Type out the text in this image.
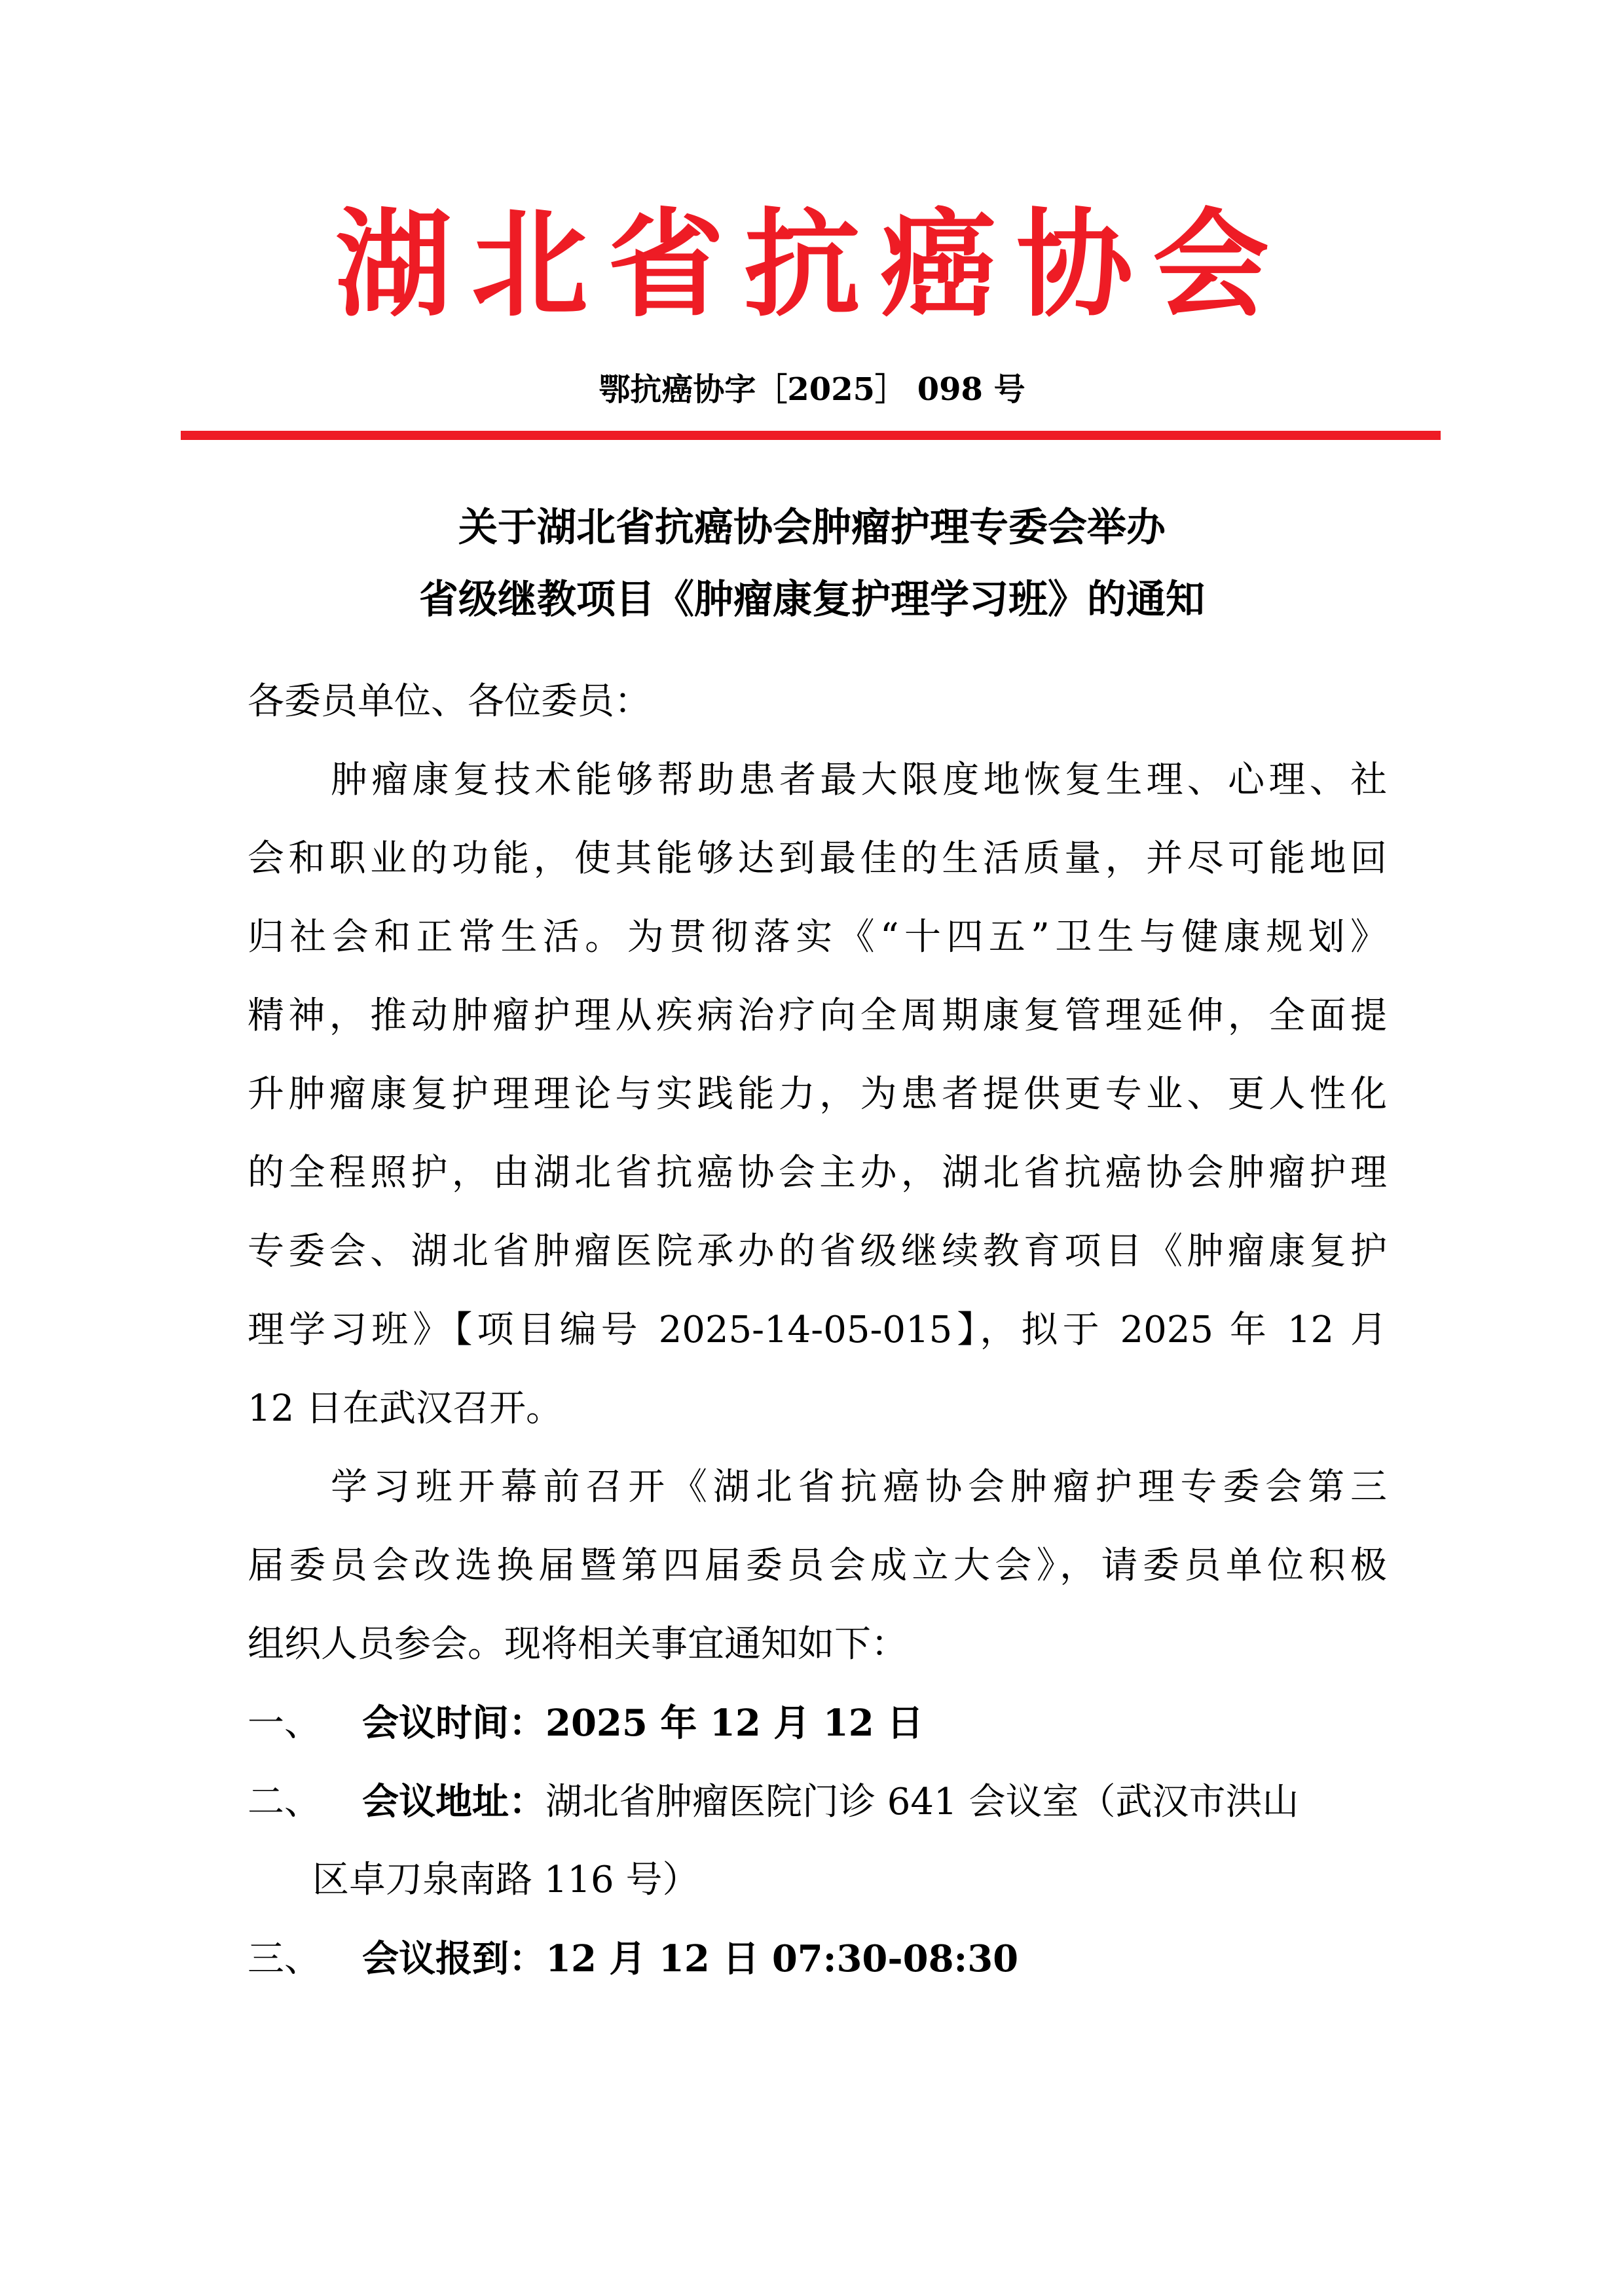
湖北省抗癌协会
鄂抗癌协字［2025］ 098 号
关于湖北省抗癌协会肿瘤护理专委会举办
省级继教项目《肿瘤康复护理学习班》的通知
各委员单位、各位委员：
肿瘤康复技术能够帮助患者最大限度地恢复生理、心理、社
会和职业的功能，使其能够达到最佳的生活质量，并尽可能地回
归社会和正常生活。为贯彻落实《“十四五”卫生与健康规划》
精神，推动肿瘤护理从疾病治疗向全周期康复管理延伸，全面提
升肿瘤康复护理理论与实践能力，为患者提供更专业、更人性化
的全程照护，由湖北省抗癌协会主办，湖北省抗癌协会肿瘤护理
专委会、湖北省肿瘤医院承办的省级继续教育项目《肿瘤康复护
理学习班》【项目编号 2025-14-05-015】，拟于 2025 年 12 月
12 日在武汉召开。
学习班开幕前召开《湖北省抗癌协会肿瘤护理专委会第三
届委员会改选换届暨第四届委员会成立大会》，请委员单位积极
组织人员参会。现将相关事宜通知如下：
一、 会议时间：2025 年 12 月 12 日
二、 会议地址：湖北省肿瘤医院门诊 641 会议室（武汉市洪山
区卓刀泉南路 116 号）
三、 会议报到：12 月 12 日 07:30-08:30
